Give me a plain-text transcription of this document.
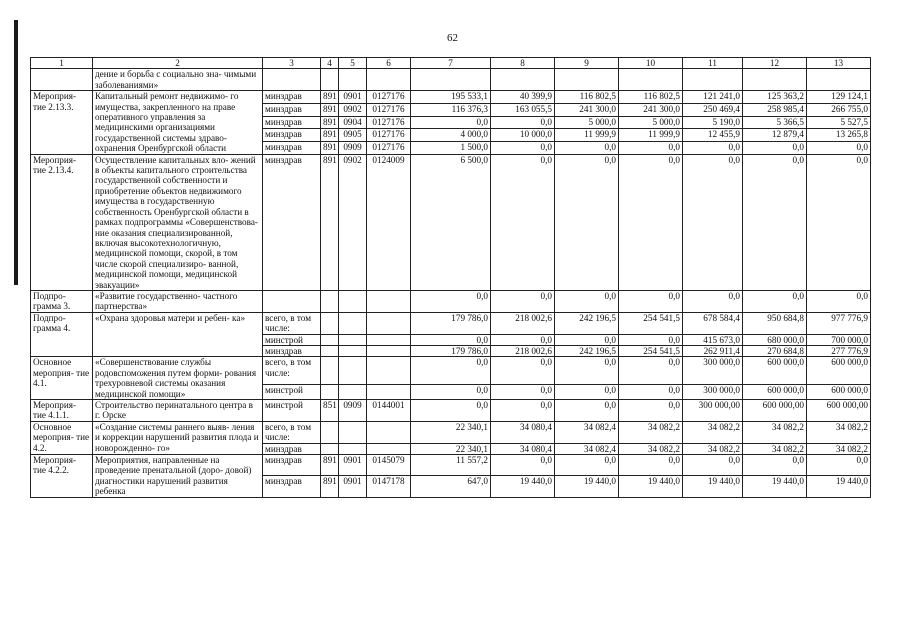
62
1	2	3	4	5	6	7	8	9	10	11	12	13
	дение и борьба с социально зна- чимыми заболеваниями»											
Мероприя- тие 2.13.3.	Капитальный ремонт недвижимо- го имущества, закрепленного на праве оперативного управления за медицинскими организациями государственной системы здраво- охранения Оренбургской области	минздрав	891	0901	0127176	195 533,1	40 399,9	116 802,5	116 802,5	121 241,0	125 363,2	129 124,1
		минздрав	891	0902	0127176	116 376,3	163 055,5	241 300,0	241 300,0	250 469,4	258 985,4	266 755,0
		минздрав	891	0904	0127176	0,0	0,0	5 000,0	5 000,0	5 190,0	5 366,5	5 527,5
		минздрав	891	0905	0127176	4 000,0	10 000,0	11 999,9	11 999,9	12 455,9	12 879,4	13 265,8
		минздрав	891	0909	0127176	1 500,0	0,0	0,0	0,0	0,0	0,0	0,0
Мероприя- тие 2.13.4.	Осуществление капитальных вло- жений в объекты капитального строительства государственной собственности и приобретение объектов недвижимого имущества в государственную собственность Оренбургской области в рамках подпрограммы «Совершенствова- ние оказания специализированной, включая высокотехнологичную, медицинской помощи, скорой, в том числе скорой специализиро- ванной, медицинской помощи, медицинской эвакуации»	минздрав	891	0902	0124009	6 500,0	0,0	0,0	0,0	0,0	0,0	0,0
Подпро- грамма 3.	«Развитие государственно- частного партнерства»					0,0	0,0	0,0	0,0	0,0	0,0	0,0
Подпро- грамма 4.	«Охрана здоровья матери и ребен- ка»	всего, в том числе:				179 786,0	218 002,6	242 196,5	254 541,5	678 584,4	950 684,8	977 776,9
		минстрой				0,0	0,0	0,0	0,0	415 673,0	680 000,0	700 000,0
		минздрав				179 786,0	218 002,6	242 196,5	254 541,5	262 911,4	270 684,8	277 776,9
Основное мероприя- тие 4.1.	«Совершенствование службы родовспоможения путем форми- рования трехуровневой системы оказания медицинской помощи»	всего, в том числе:				0,0	0,0	0,0	0,0	300 000,0	600 000,0	600 000,0
		минстрой				0,0	0,0	0,0	0,0	300 000,0	600 000,0	600 000,0
Мероприя- тие 4.1.1.	Строительство перинатального центра в г. Орске	минстрой	851	0909	0144001	0,0	0,0	0,0	0,0	300 000,00	600 000,00	600 000,00
Основное мероприя- тие 4.2.	«Создание системы раннего выяв- ления и коррекции нарушений развития плода и новорожденно- го»	всего, в том числе:				22 340,1	34 080,4	34 082,4	34 082,2	34 082,2	34 082,2	34 082,2
		минздрав				22 340,1	34 080,4	34 082,4	34 082,2	34 082,2	34 082,2	34 082,2
Мероприя- тие 4.2.2.	Мероприятия, направленные на проведение пренатальной (доро- довой) диагностики нарушений развития ребенка	минздрав	891	0901	0145079	11 557,2	0,0	0,0	0,0	0,0	0,0	0,0
		минздрав	891	0901	0147178	647,0	19 440,0	19 440,0	19 440,0	19 440,0	19 440,0	19 440,0
